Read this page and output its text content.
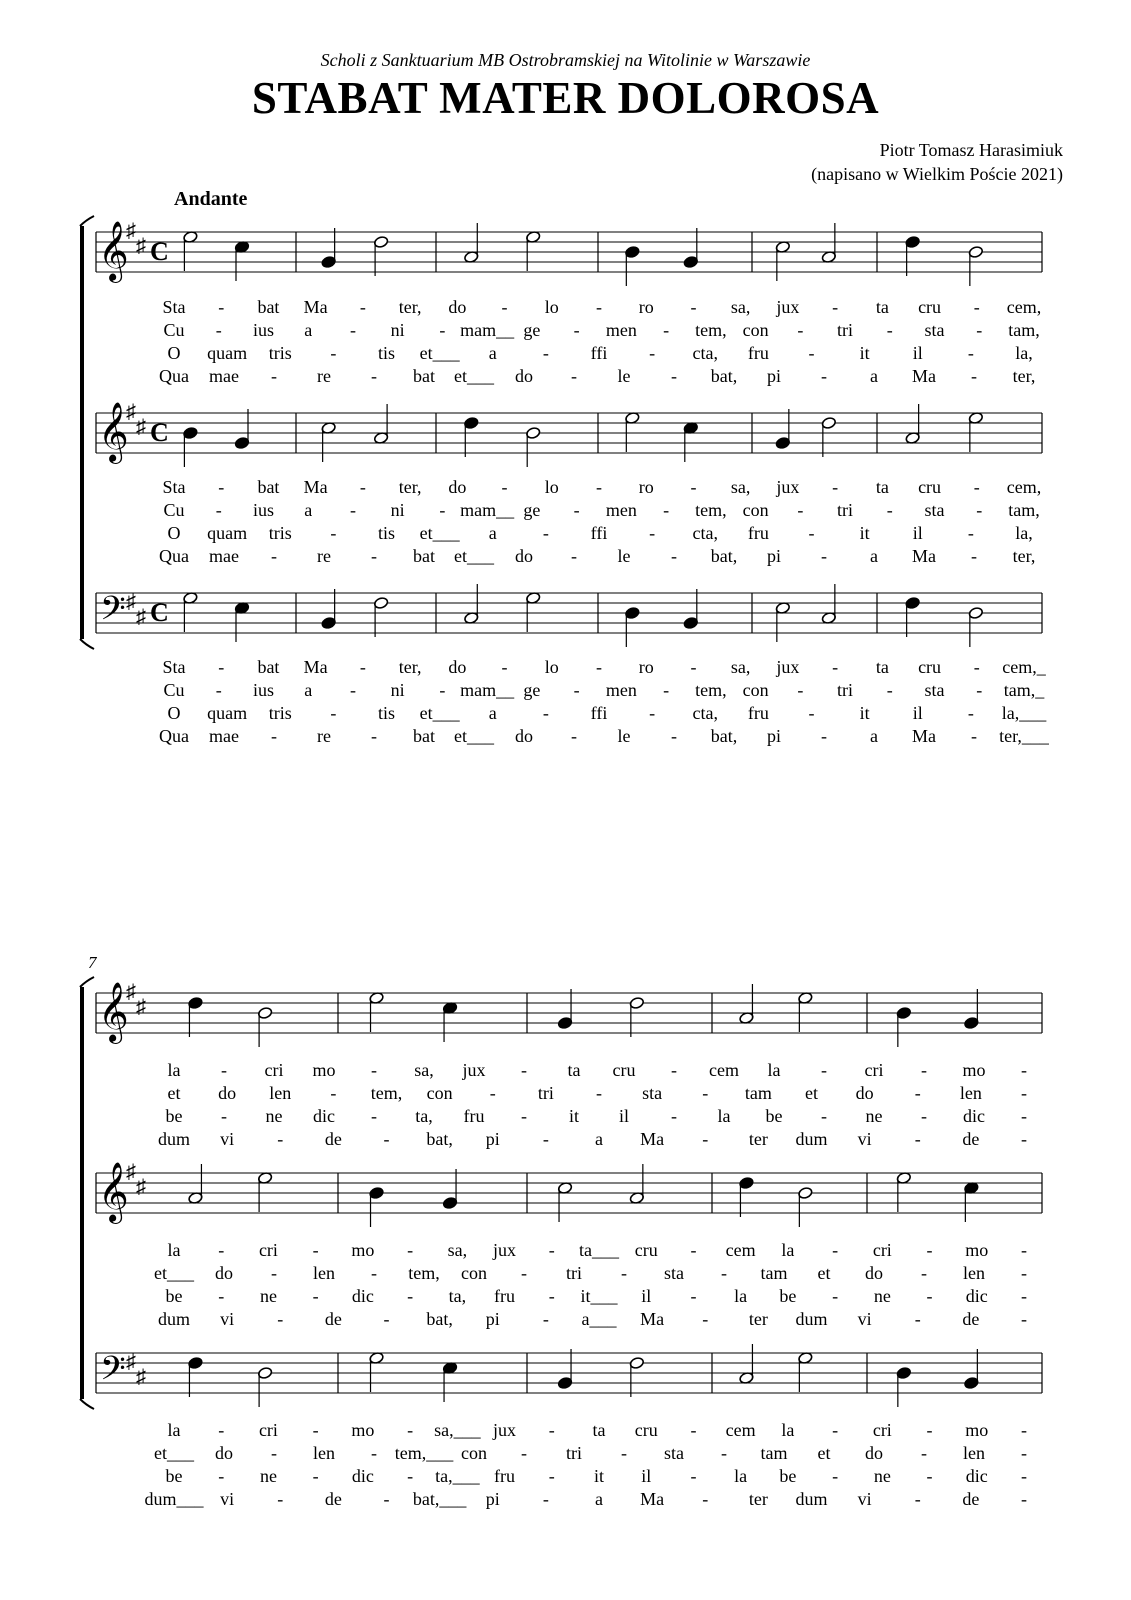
Scholi z Sanktuarium MB Ostrobramskiej na Witolinie w Warszawie
STABAT MATER DOLOROSA
Piotr Tomasz Harasimiuk
(napisano w Wielkim Poście 2021)
Andante
7
𝄞
♯
♯ C
Sta - bat Ma - ter, do - lo - ro - sa, jux - ta cru - cem,
Cu - ius a - ni - mam__ ge - men - tem, con - tri - sta - tam,
O quam tris - tis et___ a	- ffi - cta, fru -	it il	- la,
Qua mae - re - bat et___ do - le - bat, pi - a Ma - ter,
𝄞
♯
♯ C
Sta - bat Ma - ter, do - lo - ro - sa, jux - ta cru - cem,
Cu - ius a - ni - mam__ ge - men - tem, con - tri - sta - tam,
O quam tris - tis et___ a	- ffi - cta, fru -	it il	- la,
Qua mae - re - bat et___ do - le - bat, pi - a Ma - ter,
𝄢 ♯
♯ C
Sta - bat Ma - ter, do - lo - ro - sa, jux - ta cru - cem,_
Cu - ius a - ni - mam__ ge - men - tem, con - tri - sta - tam,_
O quam tris - tis et___ a	- ffi - cta, fru -	it il	- la,___
Qua mae - re - bat et___ do - le - bat, pi - a Ma - ter,___
𝄞
♯
♯
la - cri mo - sa, jux - ta cru - cem la - cri - mo -
et do len - tem, con - tri - sta - tam et do - len -
be - ne dic - ta, fru - it il - la be - ne - dic -
dum vi - de - bat, pi -	a Ma - ter dum vi - de -
𝄞
♯
♯
la - cri - mo - sa, jux - ta___ cru - cem la - cri - mo -
et___ do - len - tem, con - tri - sta - tam et do - len -
be - ne - dic - ta, fru - it___ il - la be - ne - dic -
dum vi - de - bat, pi - a___ Ma - ter dum vi - de -
𝄢 ♯
♯
la - cri - mo - sa,___ jux - ta cru - cem la - cri - mo -
et___ do - len - tem,___ con - tri - sta - tam et do - len -
be - ne - dic - ta,___ fru - it il - la be - ne - dic -
dum___ vi - de - bat,___ pi -	a Ma - ter dum vi - de -
